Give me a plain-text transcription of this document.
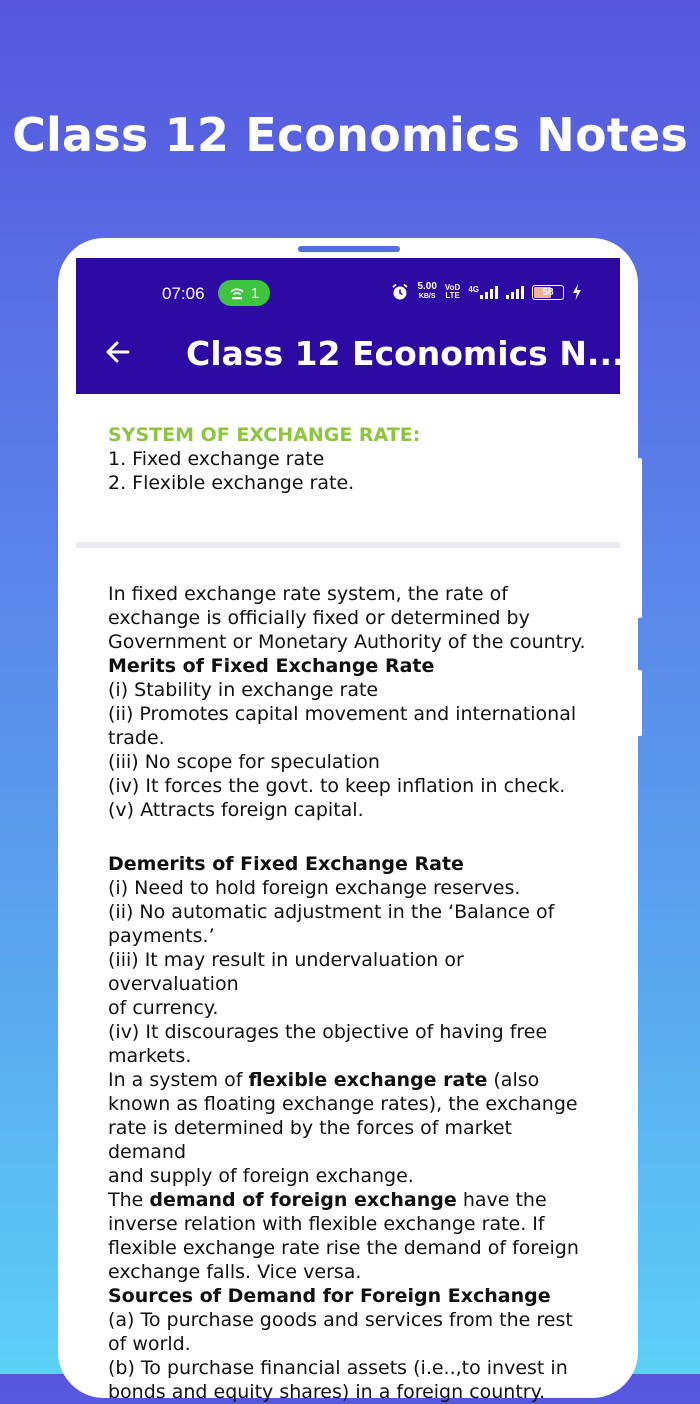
Class 12 Economics Notes
07:06	1	5.00
KB/S
VoD
LTE
4G	58
Class 12 Economics N...
SYSTEM OF EXCHANGE RATE:
1. Fixed exchange rate
2. Flexible exchange rate.

In fixed exchange rate system, the rate of

exchange is officially fixed or determined by

Government or Monetary Authority of the country.

Merits of Fixed Exchange Rate

(i) Stability in exchange rate

(ii) Promotes capital movement and international

trade.

(iii) No scope for speculation

(iv) It forces the govt. to keep inflation in check.

(v) Attracts foreign capital.

Demerits of Fixed Exchange Rate

(i) Need to hold foreign exchange reserves.

(ii) No automatic adjustment in the ‘Balance of

payments.’

(iii) It may result in undervaluation or overvaluation

of currency.

(iv) It discourages the objective of having free

markets.

In a system of flexible exchange rate (also

known as floating exchange rates), the exchange

rate is determined by the forces of market demand

and supply of foreign exchange.

The demand of foreign exchange have the

inverse relation with flexible exchange rate. If

flexible exchange rate rise the demand of foreign

exchange falls. Vice versa.

Sources of Demand for Foreign Exchange

(a) To purchase goods and services from the rest

of world.

(b) To purchase financial assets (i.e..,to invest in

bonds and equity shares) in a foreign country.
